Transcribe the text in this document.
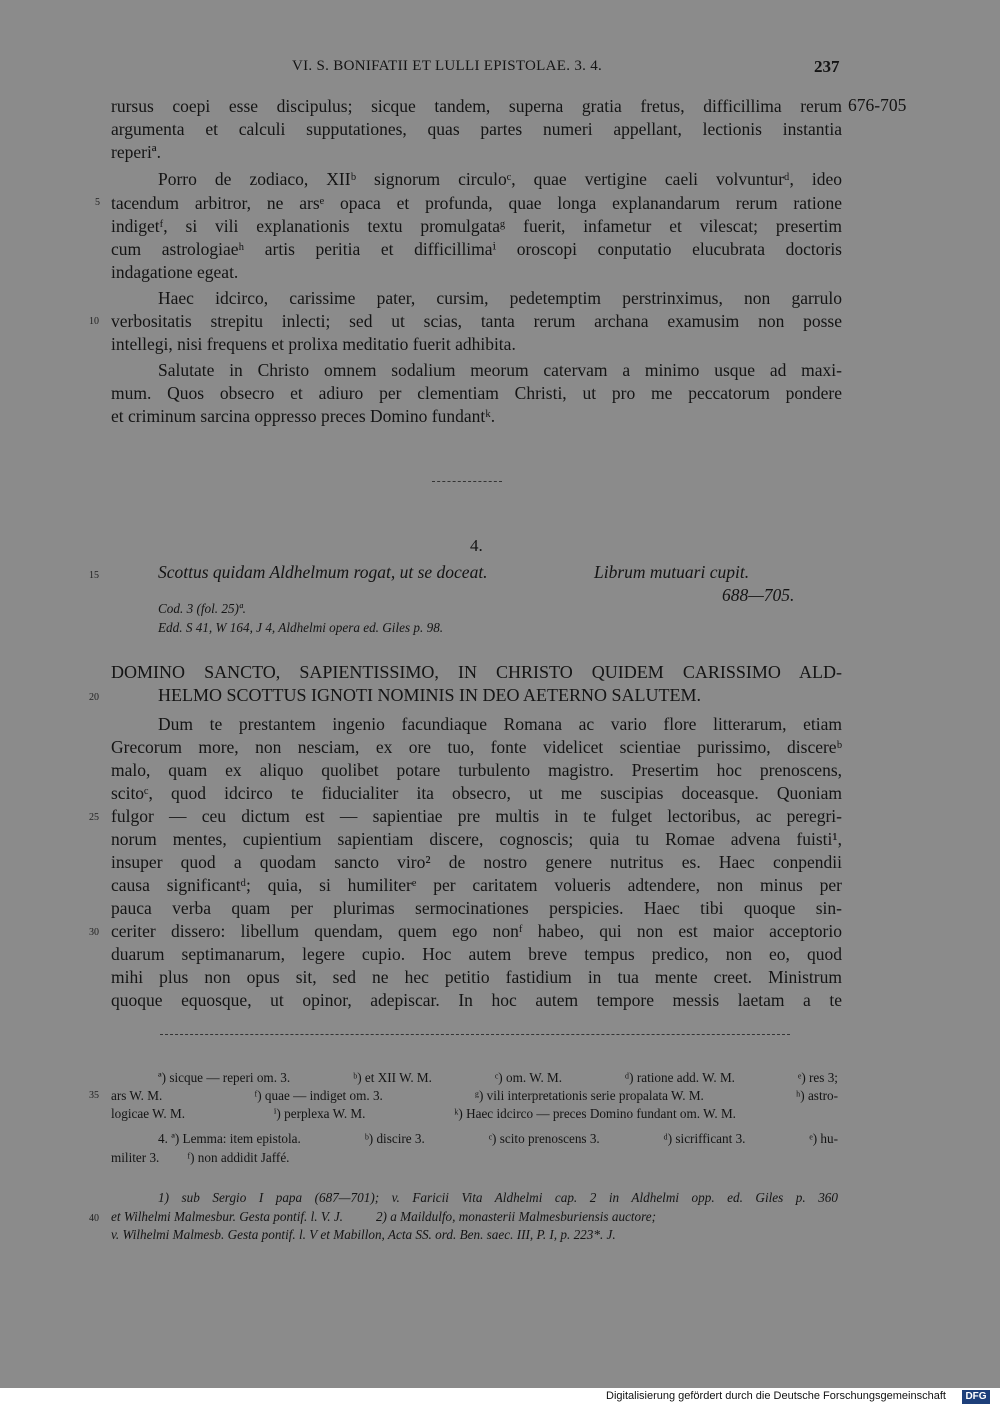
VI. S. BONIFATII ET LULLI EPISTOLAE. 3. 4.	237
676-705
rursus coepi esse discipulus; sicque tandem, superna gratia fretus, difficillima rerum
argumenta et calculi supputationes, quas partes numeri appellant, lectionis instantia
reperiª.
Porro de zodiaco, XIIᵇ signorum circuloᶜ, quae vertigine caeli volvunturᵈ, ideo
tacendum arbitror, ne arsᵉ opaca et profunda, quae longa explanandarum rerum ratione
indigetᶠ, si vili explanationis textu promulgataᵍ fuerit, infametur et vilescat; presertim
cum astrologiaeʰ artis peritia et difficillimaⁱ oroscopi conputatio elucubrata doctoris
indagatione egeat.
Haec idcirco, carissime pater, cursim, pedetemptim perstrinximus, non garrulo
verbositatis strepitu inlecti; sed ut scias, tanta rerum archana examusim non posse
intellegi, nisi frequens et prolixa meditatio fuerit adhibita.
Salutate in Christo omnem sodalium meorum catervam a minimo usque ad maxi-
mum. Quos obsecro et adiuro per clementiam Christi, ut pro me peccatorum pondere
et criminum sarcina oppresso preces Domino fundantᵏ.
5
10
15
20
25
30
35
40
4.
Scottus quidam Aldhelmum rogat, ut se doceat.	Librum mutuari cupit.
688—705.
Cod. 3 (fol. 25)ª.
Edd. S 41, W 164, J 4, Aldhelmi opera ed. Giles p. 98.
DOMINO SANCTO, SAPIENTISSIMO, IN CHRISTO QUIDEM CARISSIMO ALD-
HELMO SCOTTUS IGNOTI NOMINIS IN DEO AETERNO SALUTEM.
Dum te prestantem ingenio facundiaque Romana ac vario flore litterarum, etiam
Grecorum more, non nesciam, ex ore tuo, fonte videlicet scientiae purissimo, discereᵇ
malo, quam ex aliquo quolibet potare turbulento magistro. Presertim hoc prenoscens,
scitoᶜ, quod idcirco te fiducialiter ita obsecro, ut me suscipias doceasque. Quoniam
fulgor — ceu dictum est — sapientiae pre multis in te fulget lectoribus, ac peregri-
norum mentes, cupientium sapientiam discere, cognoscis; quia tu Romae advena fuisti¹,
insuper quod a quodam sancto viro² de nostro genere nutritus es. Haec conpendii
causa significantᵈ; quia, si humiliterᵉ per caritatem volueris adtendere, non minus per
pauca verba quam per plurimas sermocinationes perspicies. Haec tibi quoque sin-
ceriter dissero: libellum quendam, quem ego nonᶠ habeo, qui non est maior acceptorio
duarum septimanarum, legere cupio. Hoc autem breve tempus predico, non eo, quod
mihi plus non opus sit, sed ne hec petitio fastidium in tua mente creet. Ministrum
quoque equosque, ut opinor, adepiscar. In hoc autem tempore messis laetam a te
ª) sicque — reperi om. 3.	ᵇ) et XII W. M.	ᶜ) om. W. M.	ᵈ) ratione add. W. M.	ᵉ) res 3;
ars W. M.	ᶠ) quae — indiget om. 3.	ᵍ) vili interpretationis serie propalata W. M.	ʰ) astro-
logicae W. M.	ⁱ) perplexa W. M.	ᵏ) Haec idcirco — preces Domino fundant om. W. M.
4. ª) Lemma: item epistola.	ᵇ) discire 3.	ᶜ) scito prenoscens 3.	ᵈ) sicrifficant 3.	ᵉ) hu-
militer 3. ᶠ) non addidit Jaffé.
1) sub Sergio I papa (687—701); v. Faricii Vita Aldhelmi cap. 2 in Aldhelmi opp. ed. Giles p. 360
et Wilhelmi Malmesbur. Gesta pontif. l. V. J.          2) a Maildulfo, monasterii Malmesburiensis auctore;
v. Wilhelmi Malmesb. Gesta pontif. l. V et Mabillon, Acta SS. ord. Ben. saec. III, P. I, p. 223*. J.
Digitalisierung gefördert durch die Deutsche Forschungsgemeinschaft	DFG
